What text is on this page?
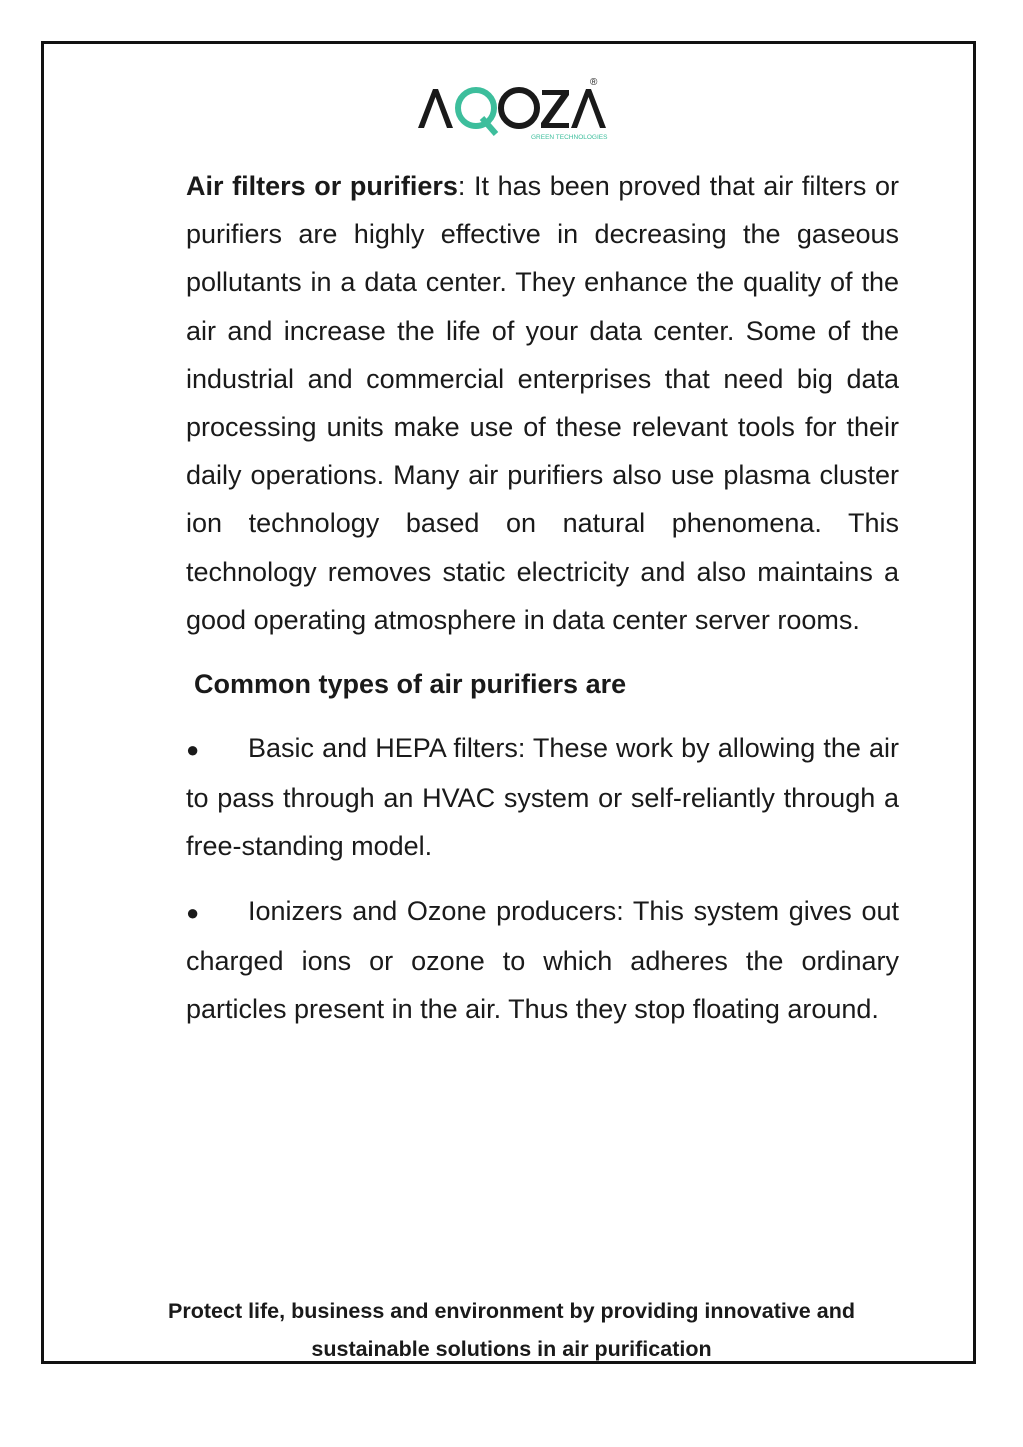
GREEN TECHNOLOGIES
®

Air filters or purifiers: It has been proved that air filters or purifiers are highly effective in decreasing the gaseous pollutants in a data center. They enhance the quality of the air and increase the life of your data center. Some of the industrial and commercial enterprises that need big data processing units make use of these relevant tools for their daily operations. Many air purifiers also use plasma cluster ion technology based on natural phenomena. This technology removes static electricity and also maintains a good operating atmosphere in data center server rooms.

Common types of air purifiers are

● Basic and HEPA filters: These work by allowing the air to pass through an HVAC system or self-reliantly through a free-standing model.

● Ionizers and Ozone producers: This system gives out charged ions or ozone to which adheres the ordinary particles present in the air. Thus they stop floating around.

Protect life, business and environment by providing innovative and
sustainable solutions in air purification
